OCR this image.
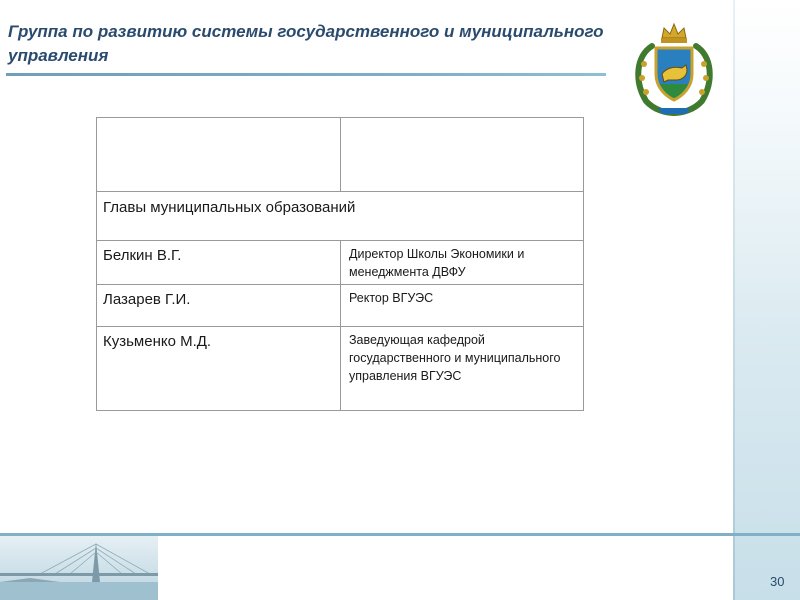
Группа по развитию системы государственного и муниципального управления

Главы муниципальных образований	
Белкин В.Г.	Директор Школы Экономики и менеджмента ДВФУ
Лазарев Г.И.	Ректор ВГУЭС
Кузьменко М.Д.	Заведующая кафедрой государственного и муниципального управления ВГУЭС
30
